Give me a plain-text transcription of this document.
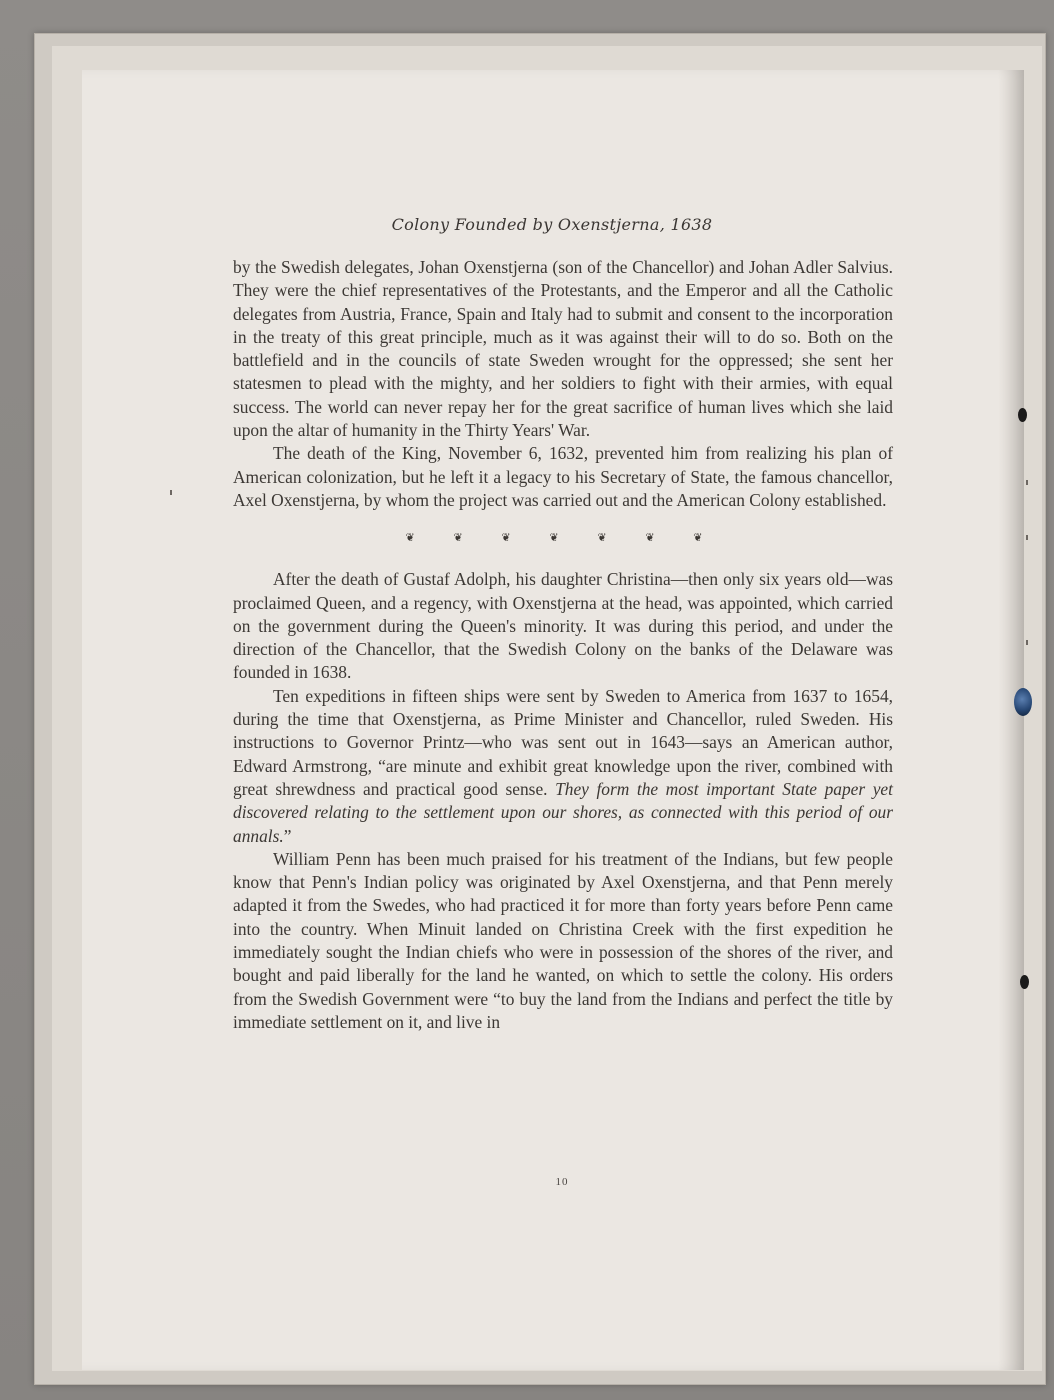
Colony Founded by Oxenstjerna, 1638

by the Swedish delegates, Johan Oxenstjerna (son of the Chancellor) and Johan Adler Salvius. They were the chief representatives of the Protestants, and the Emperor and all the Catholic delegates from Austria, France, Spain and Italy had to submit and consent to the incorporation in the treaty of this great principle, much as it was against their will to do so. Both on the battlefield and in the councils of state Sweden wrought for the oppressed; she sent her statesmen to plead with the mighty, and her soldiers to fight with their armies, with equal success. The world can never repay her for the great sacrifice of human lives which she laid upon the altar of humanity in the Thirty Years' War.

The death of the King, November 6, 1632, prevented him from realizing his plan of American colonization, but he left it a legacy to his Secretary of State, the famous chancellor, Axel Oxenstjerna, by whom the project was carried out and the American Colony established.

❦ ❦ ❦ ❦ ❦ ❦ ❦

After the death of Gustaf Adolph, his daughter Christina—then only six years old—was proclaimed Queen, and a regency, with Oxenstjerna at the head, was appointed, which carried on the government during the Queen's minority. It was during this period, and under the direction of the Chancellor, that the Swedish Colony on the banks of the Delaware was founded in 1638.

Ten expeditions in fifteen ships were sent by Sweden to America from 1637 to 1654, during the time that Oxenstjerna, as Prime Minister and Chancellor, ruled Sweden. His instructions to Governor Printz—who was sent out in 1643—says an American author, Edward Armstrong, “are minute and exhibit great knowledge upon the river, combined with great shrewdness and practical good sense. They form the most important State paper yet discovered relating to the settlement upon our shores, as connected with this period of our annals.”

William Penn has been much praised for his treatment of the Indians, but few people know that Penn's Indian policy was originated by Axel Oxenstjerna, and that Penn merely adapted it from the Swedes, who had practiced it for more than forty years before Penn came into the country. When Minuit landed on Christina Creek with the first expedition he immediately sought the Indian chiefs who were in possession of the shores of the river, and bought and paid liberally for the land he wanted, on which to settle the colony. His orders from the Swedish Government were “to buy the land from the Indians and perfect the title by immediate settlement on it, and live in

10
